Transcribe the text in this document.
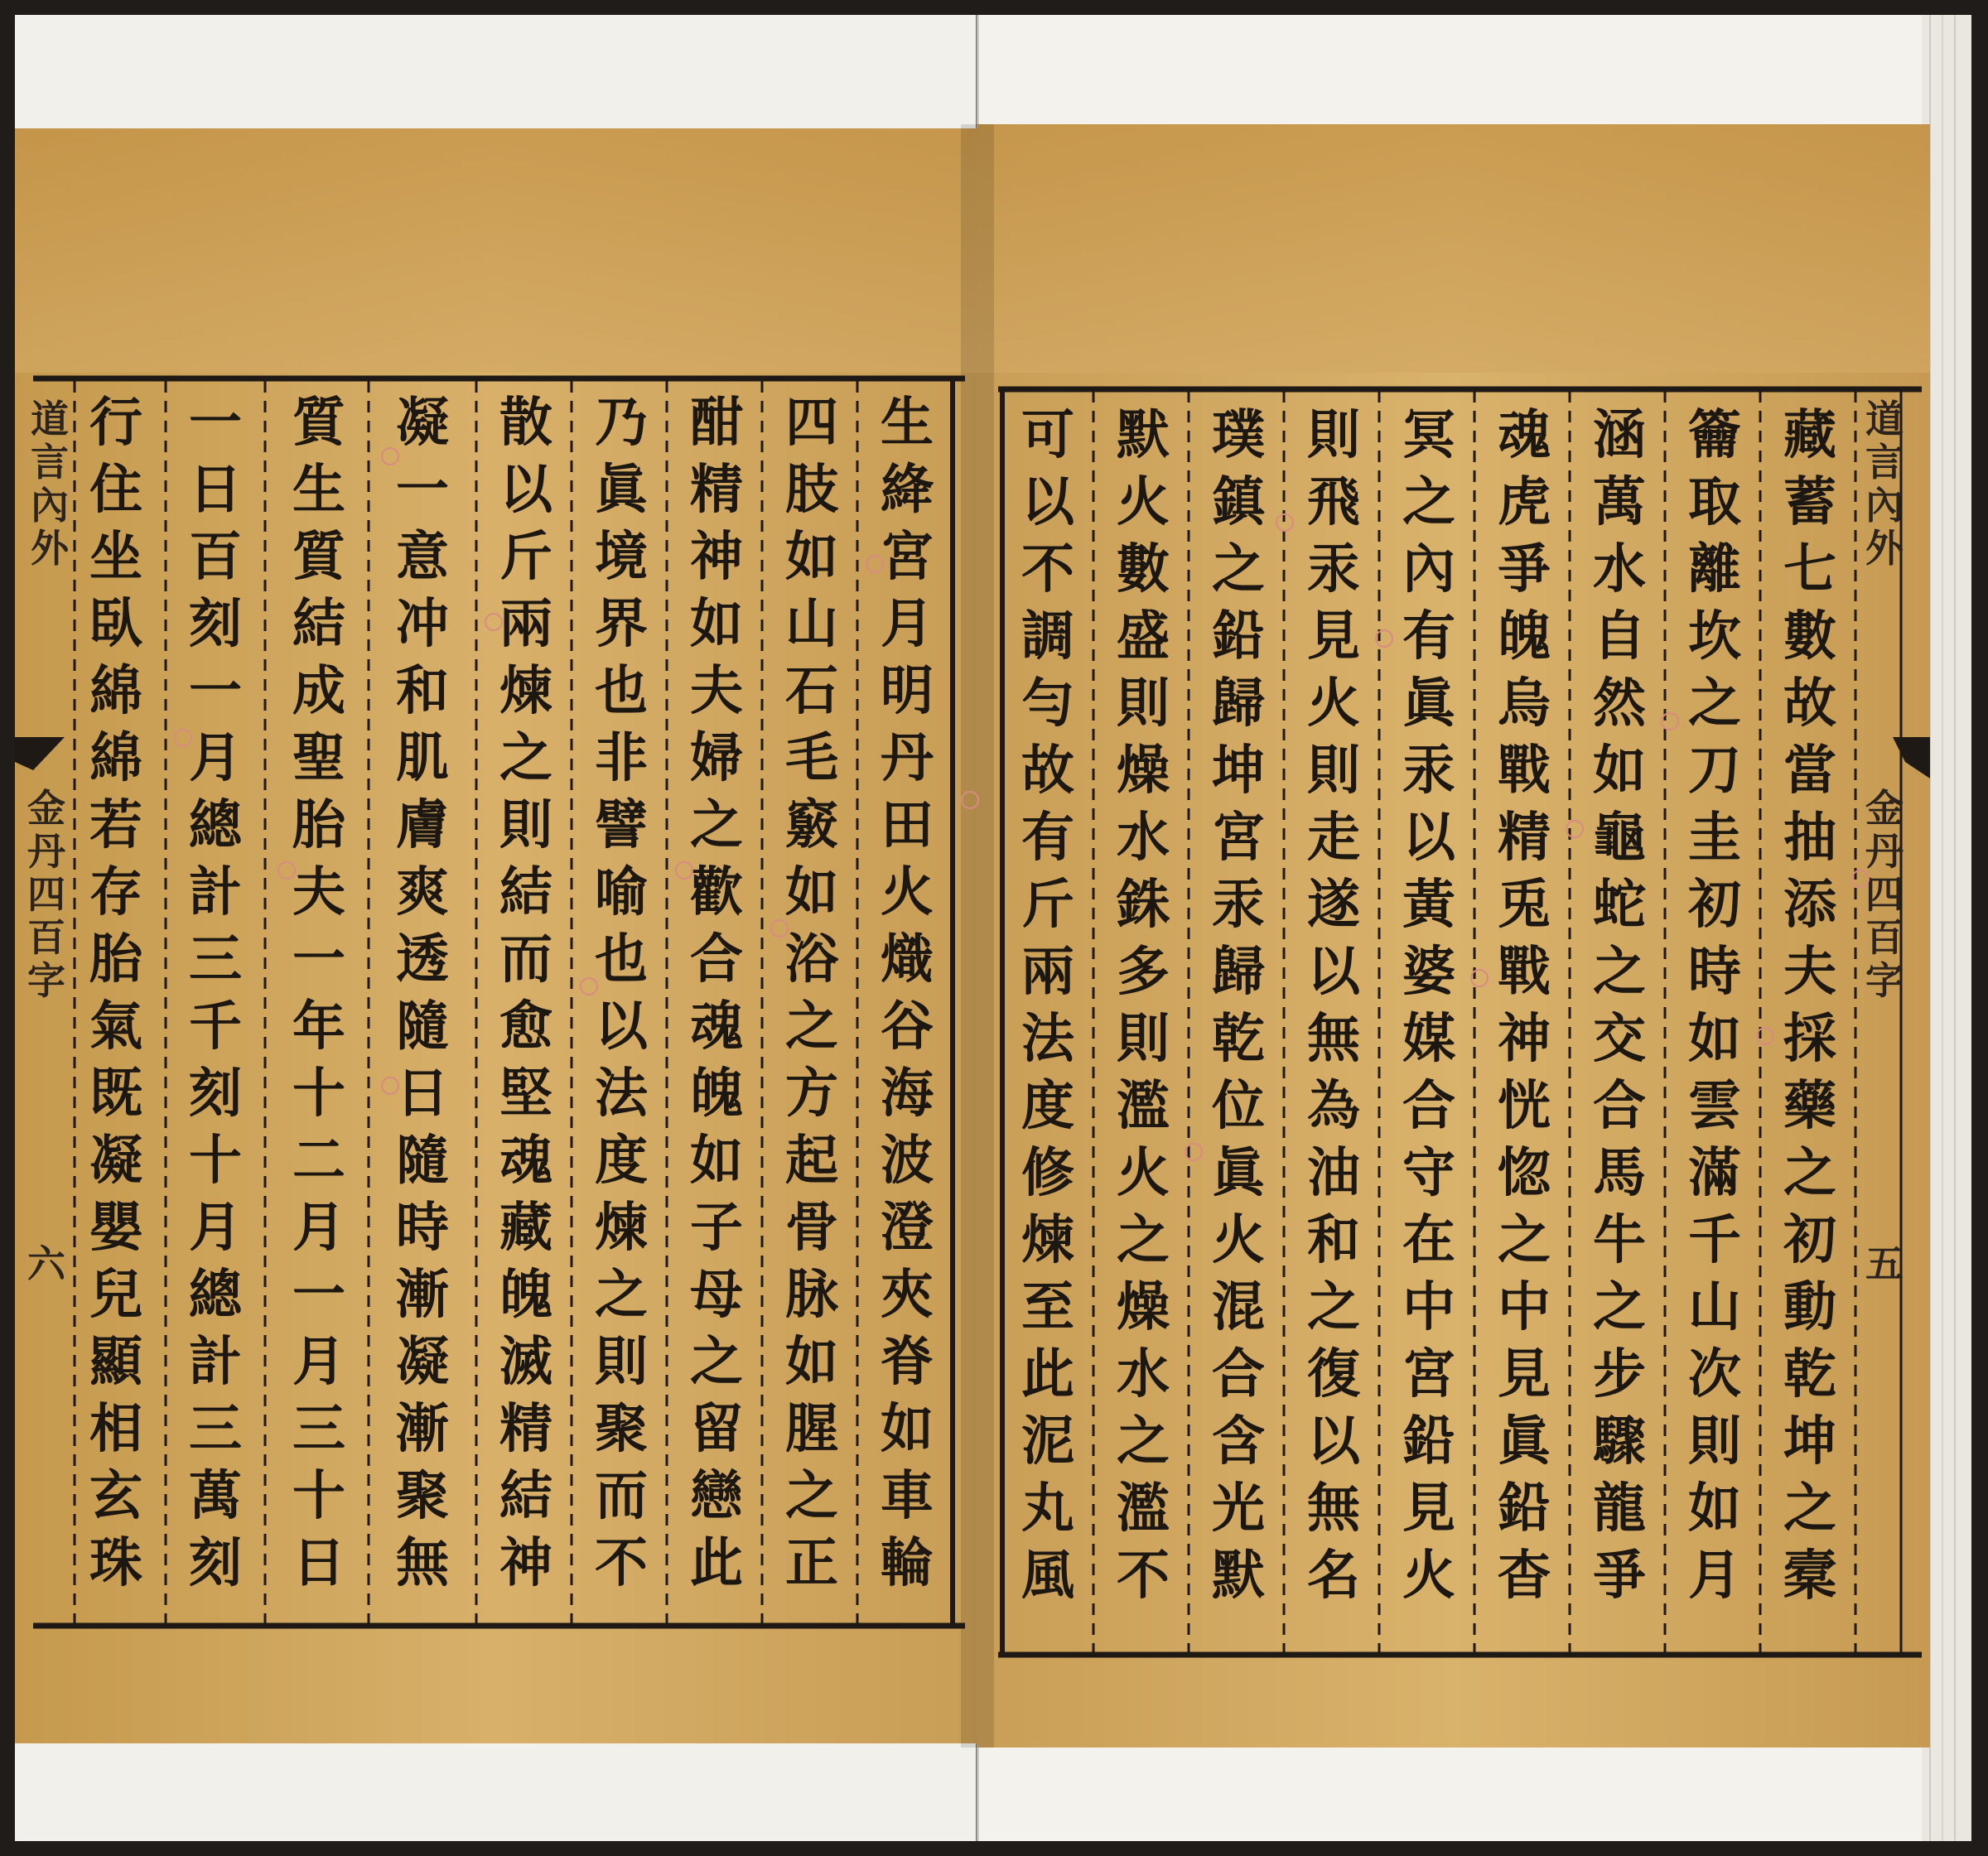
道
言
內
外
金
丹
四
百
字
六
生
絳
宮
月
明
丹
田
火
熾
谷
海
波
澄
夾
脊
如
車
輪
四
肢
如
山
石
毛
竅
如
浴
之
方
起
骨
脉
如
腥
之
正
酣
精
神
如
夫
婦
之
歡
合
魂
魄
如
子
母
之
留
戀
此
乃
眞
境
界
也
非
譬
喻
也
以
法
度
煉
之
則
聚
而
不
散
以
斤
兩
煉
之
則
結
而
愈
堅
魂
藏
魄
滅
精
結
神
凝
一
意
冲
和
肌
膚
爽
透
隨
日
隨
時
漸
凝
漸
聚
無
質
生
質
結
成
聖
胎
夫
一
年
十
二
月
一
月
三
十
日
一
日
百
刻
一
月
總
計
三
千
刻
十
月
總
計
三
萬
刻
行
住
坐
臥
綿
綿
若
存
胎
氣
既
凝
嬰
兒
顯
相
玄
珠
道
言
內
外
金
丹
四
百
字
五
藏
蓄
七
數
故
當
抽
添
夫
採
藥
之
初
動
乾
坤
之
槖
籥
取
離
坎
之
刀
圭
初
時
如
雲
滿
千
山
次
則
如
月
涵
萬
水
自
然
如
龜
蛇
之
交
合
馬
牛
之
步
驟
龍
爭
魂
虎
爭
魄
烏
戰
精
兎
戰
神
恍
惚
之
中
見
眞
鉛
杳
冥
之
內
有
眞
汞
以
黃
婆
媒
合
守
在
中
宮
鉛
見
火
則
飛
汞
見
火
則
走
遂
以
無
為
油
和
之
復
以
無
名
璞
鎮
之
鉛
歸
坤
宮
汞
歸
乾
位
眞
火
混
合
含
光
默
默
火
數
盛
則
燥
水
銖
多
則
濫
火
之
燥
水
之
濫
不
可
以
不
調
勻
故
有
斤
兩
法
度
修
煉
至
此
泥
丸
風
